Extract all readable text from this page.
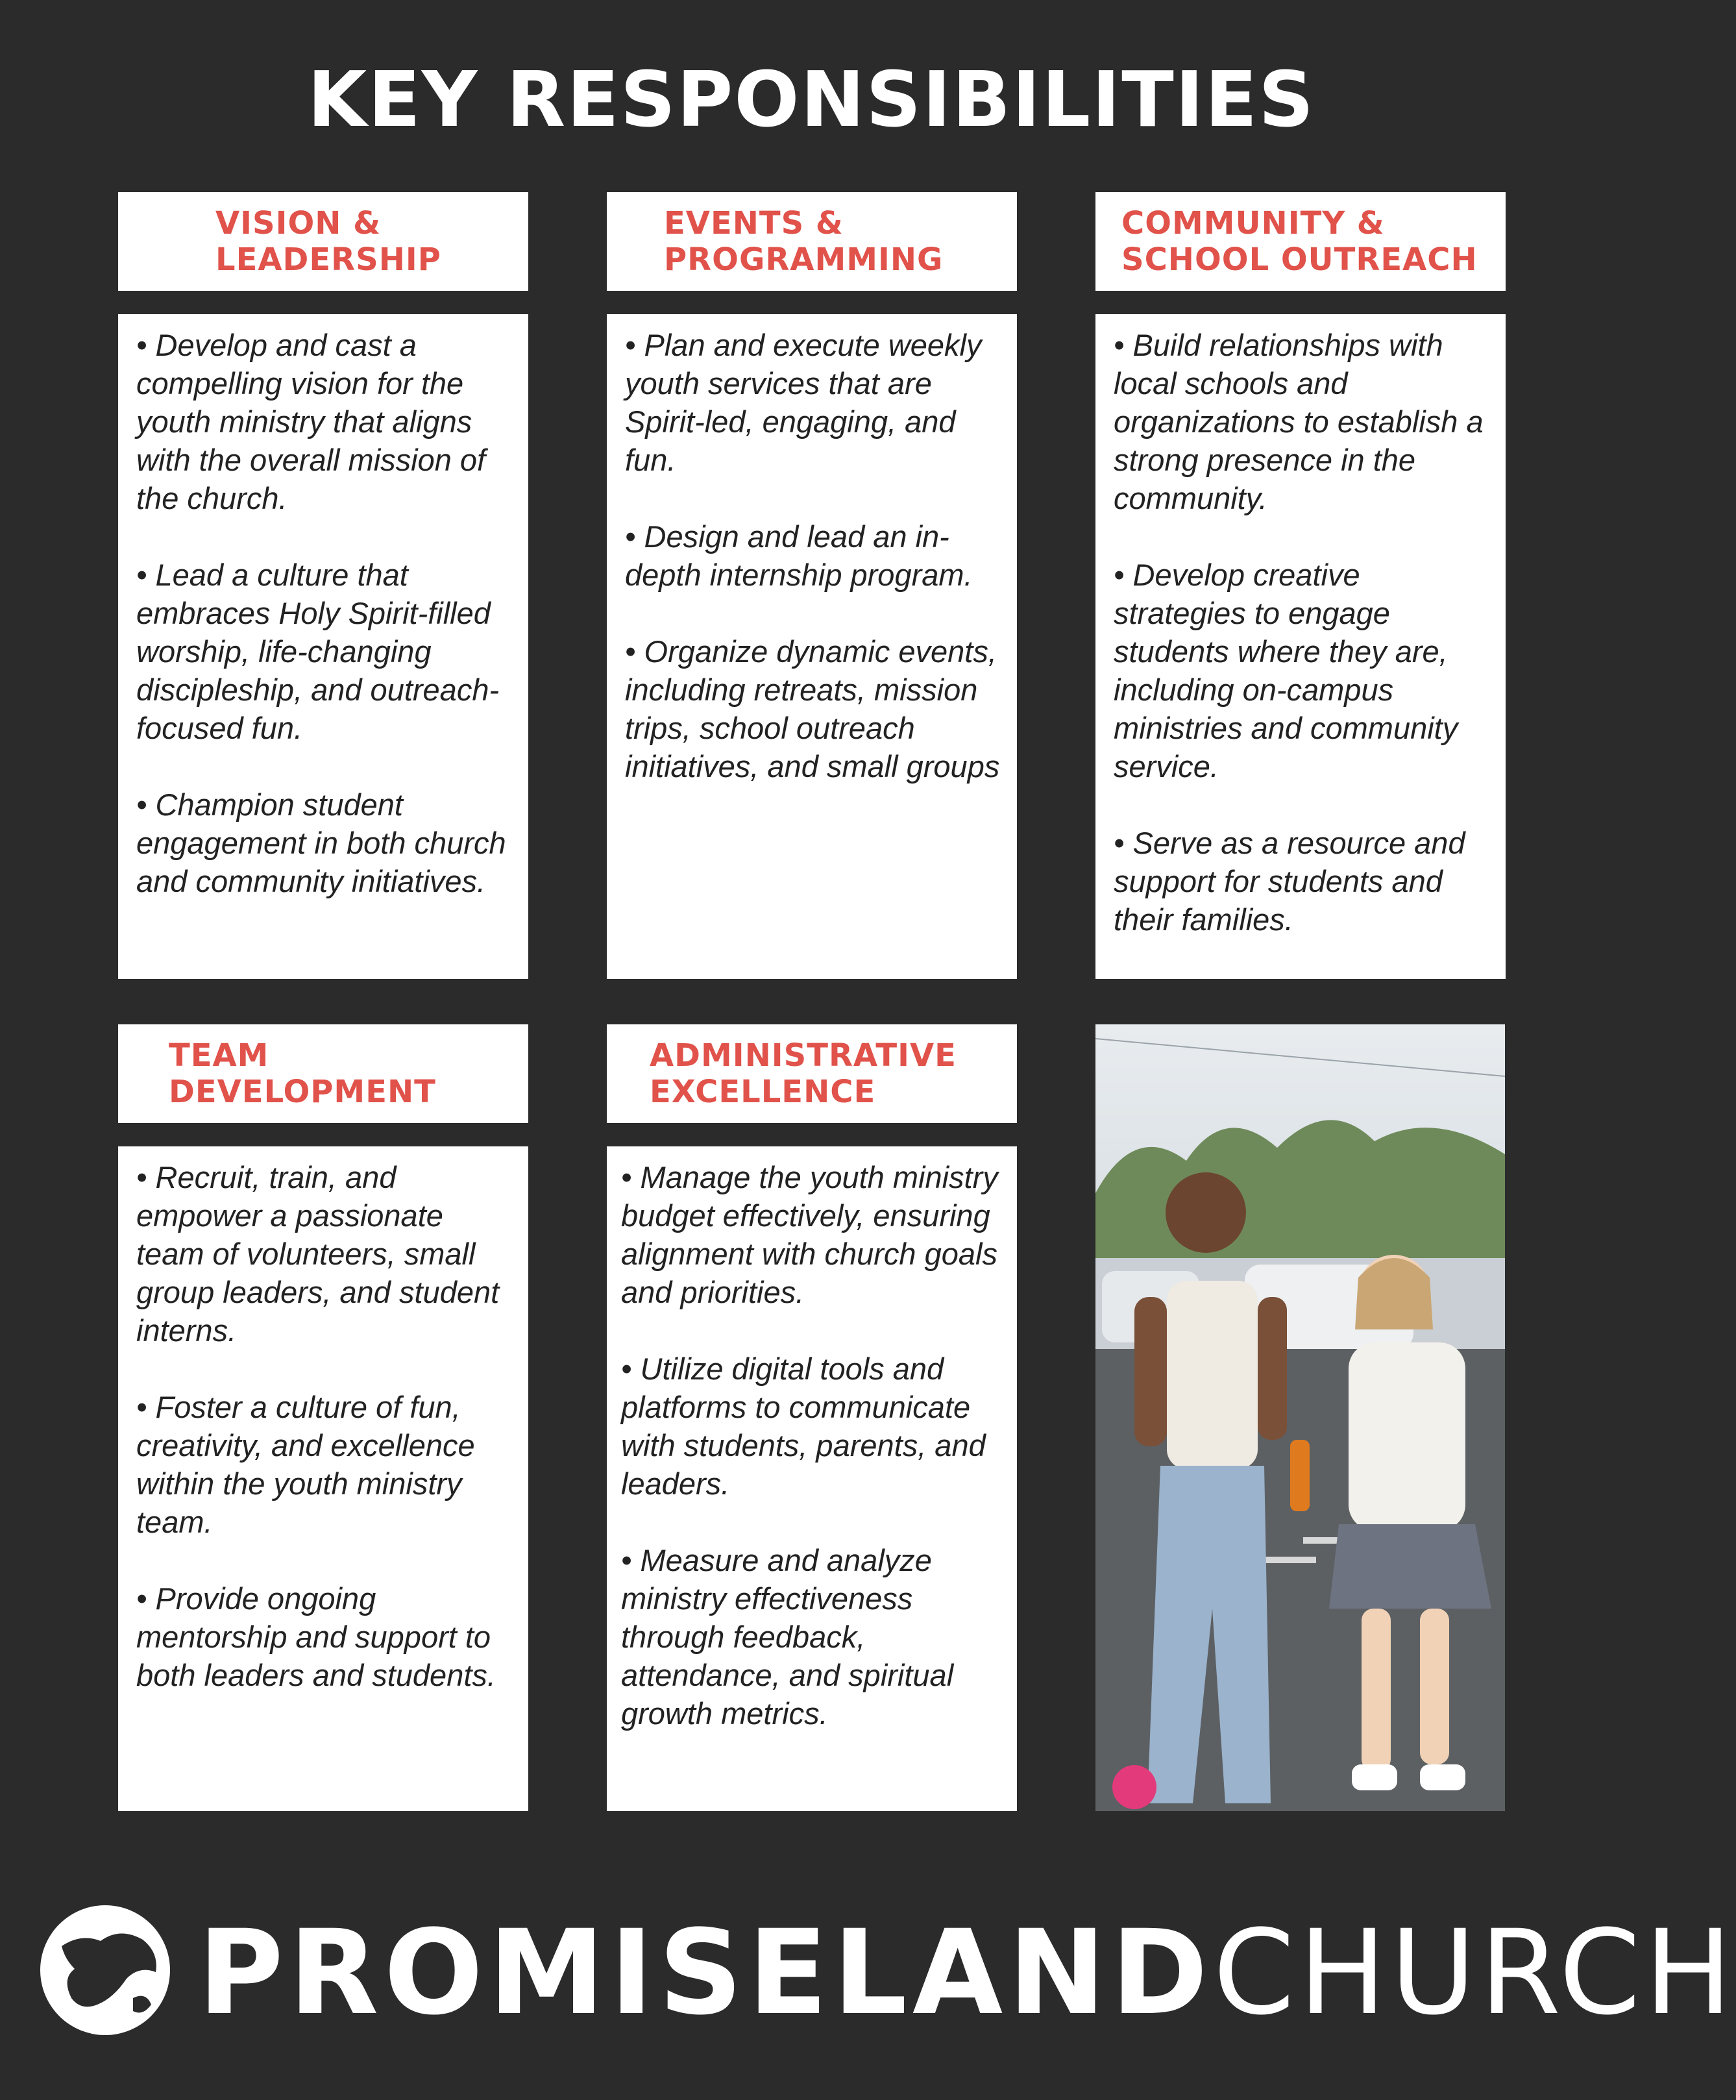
KEY RESPONSIBILITIES
VISION &
LEADERSHIP
EVENTS &
PROGRAMMING
COMMUNITY &
SCHOOL OUTREACH
• Develop and cast a compelling vision for the youth ministry that aligns with the overall mission of the church.
• Lead a culture that embraces Holy Spirit-filled worship, life-changing discipleship, and outreach-focused fun.
• Champion student engagement in both church and community initiatives.
• Plan and execute weekly youth services that are Spirit-led, engaging, and fun.
• Design and lead an in-depth internship program.
• Organize dynamic events, including retreats, mission trips, school outreach initiatives, and small groups
• Build relationships with local schools and organizations to establish a strong presence in the community.
• Develop creative strategies to engage students where they are, including on-campus ministries and community service.
• Serve as a resource and support for students and their families.
TEAM
DEVELOPMENT
ADMINISTRATIVE
EXCELLENCE
• Recruit, train, and empower a passionate team of volunteers, small group leaders, and student interns.
• Foster a culture of fun, creativity, and excellence within the youth ministry team.
• Provide ongoing mentorship and support to both leaders and students.
• Manage the youth ministry budget effectively, ensuring alignment with church goals and priorities.
• Utilize digital tools and platforms to communicate with students, parents, and leaders.
• Measure and analyze ministry effectiveness through feedback, attendance, and spiritual growth metrics.
PROMISELANDCHURCH
